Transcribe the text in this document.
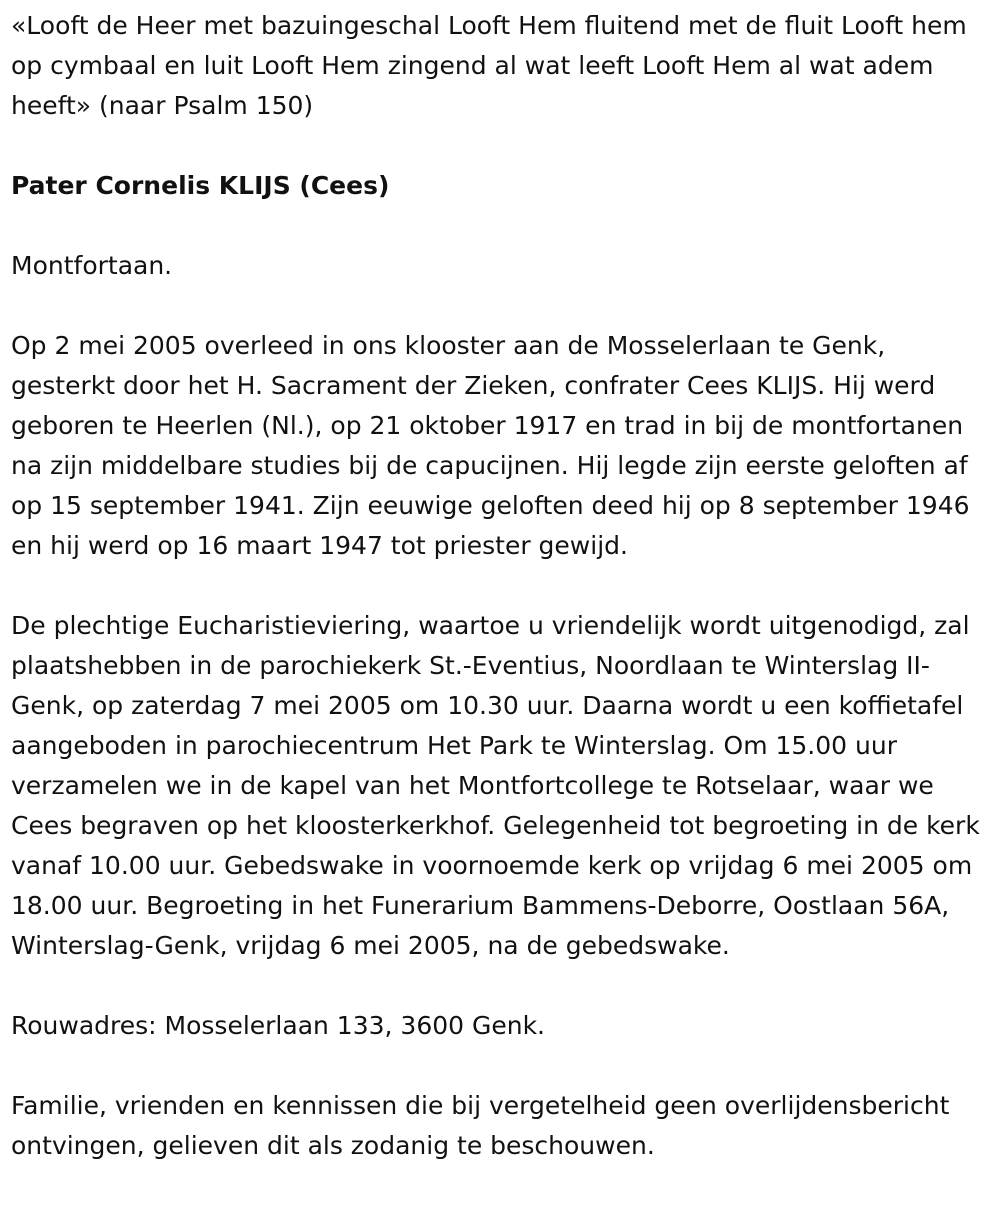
«Looft de Heer met bazuingeschal Looft Hem fluitend met de fluit Looft hem op cymbaal en luit Looft Hem zingend al wat leeft Looft Hem al wat adem heeft» (naar Psalm 150)

Pater Cornelis KLIJS (Cees)

Montfortaan.

Op 2 mei 2005 overleed in ons klooster aan de Mosselerlaan te Genk, gesterkt door het H. Sacrament der Zieken, confrater Cees KLIJS. Hij werd geboren te Heerlen (Nl.), op 21 oktober 1917 en trad in bij de montfortanen na zijn middelbare studies bij de capucijnen. Hij legde zijn eerste geloften af op 15 september 1941. Zijn eeuwige geloften deed hij op 8 september 1946 en hij werd op 16 maart 1947 tot priester gewijd.

De plechtige Eucharistieviering, waartoe u vriendelijk wordt uitgenodigd, zal plaatshebben in de parochiekerk St.-Eventius, Noordlaan te Winterslag II-Genk, op zaterdag 7 mei 2005 om 10.30 uur. Daarna wordt u een koffietafel aangeboden in parochiecentrum Het Park te Winterslag. Om 15.00 uur verzamelen we in de kapel van het Montfortcollege te Rotselaar, waar we Cees begraven op het kloosterkerkhof. Gelegenheid tot begroeting in de kerk vanaf 10.00 uur. Gebedswake in voornoemde kerk op vrijdag 6 mei 2005 om 18.00 uur. Begroeting in het Funerarium Bammens-Deborre, Oostlaan 56A, Winterslag-Genk, vrijdag 6 mei 2005, na de gebedswake.

Rouwadres: Mosselerlaan 133, 3600 Genk.

Familie, vrienden en kennissen die bij vergetelheid geen overlijdensbericht ontvingen, gelieven dit als zodanig te beschouwen.
